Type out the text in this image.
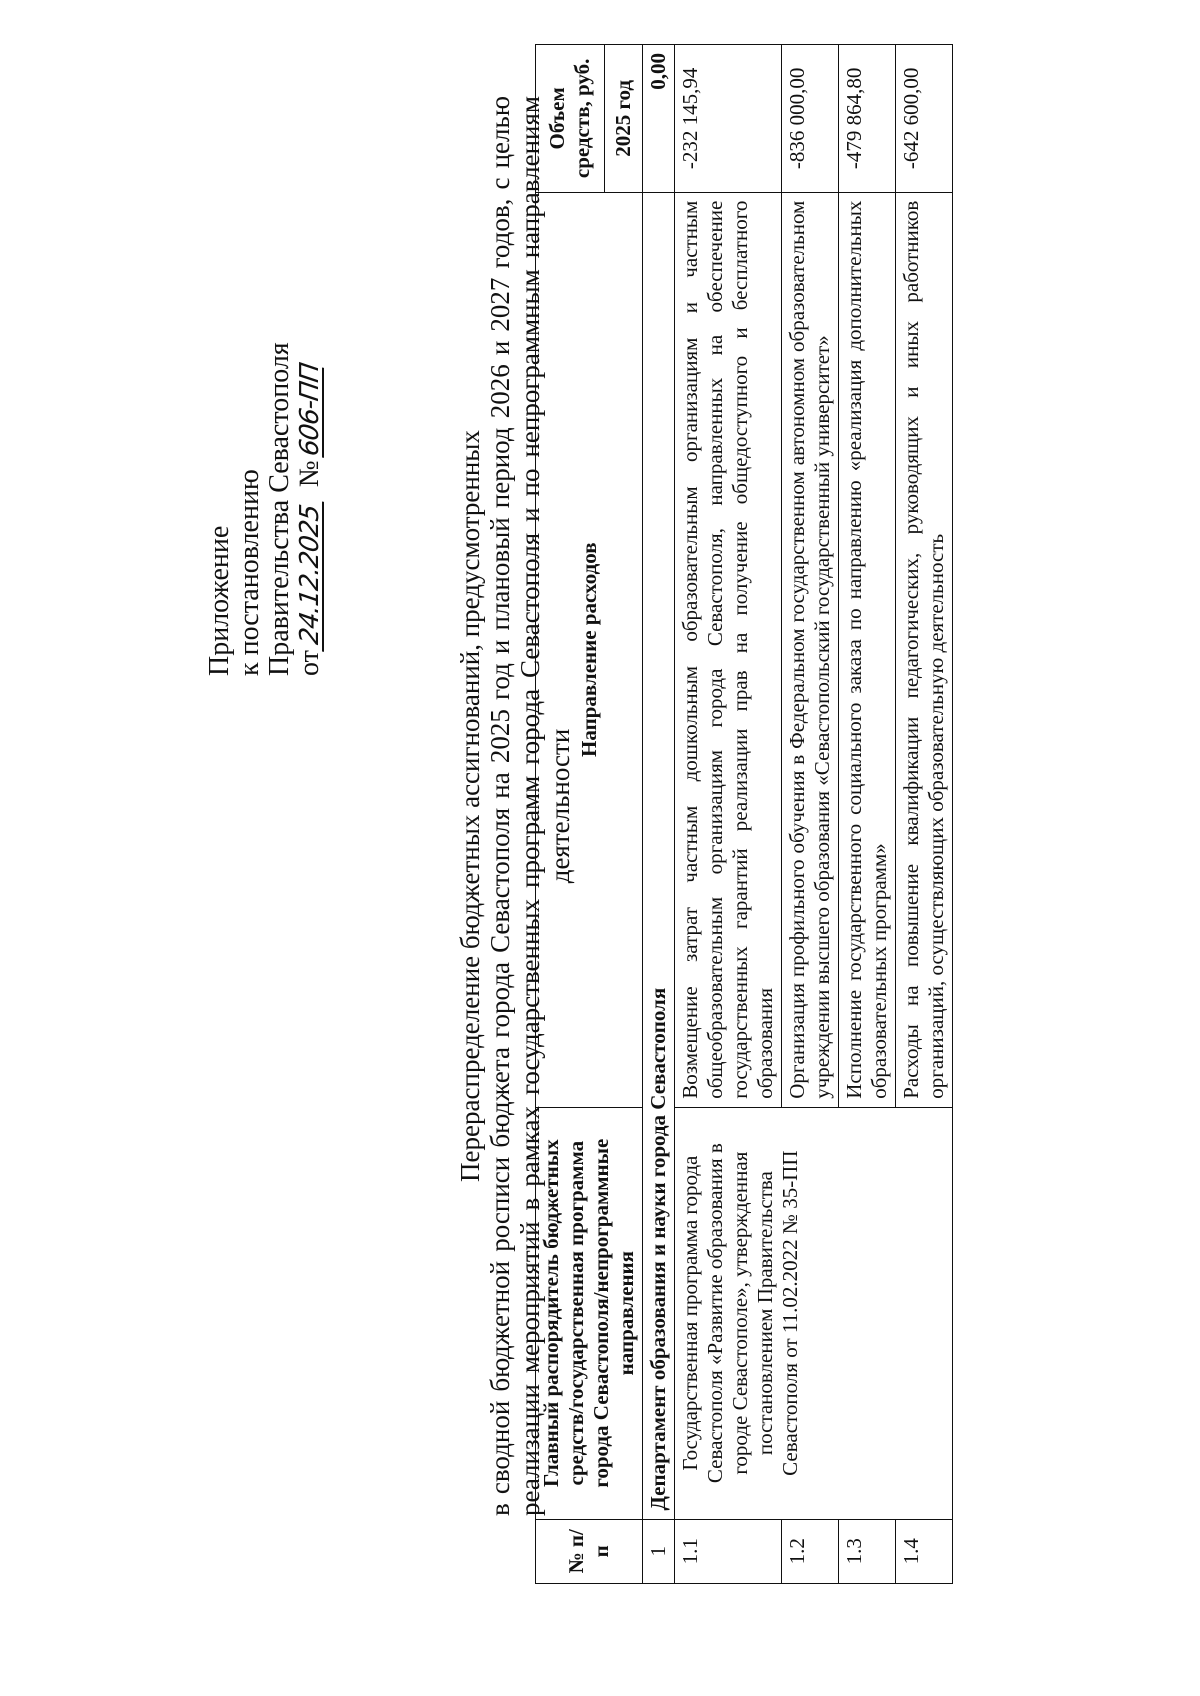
Приложение к постановлению Правительства Севастополя от24.12.2025 №606-ПП
Перераспределение бюджетных ассигнований, предусмотренных в сводной бюджетной росписи бюджета города Севастополя на 2025 год и плановый период 2026 и 2027 годов, с целью реализации мероприятий в рамках государственных программ города Севастополя и по непрограммным направлениям деятельности
№ п/п	Главный распорядитель бюджетных средств/государственная программа города Севастополя/непрограммные направления	Направление расходов	Объем средств, руб.
			2025 год
1	Департамент образования и науки города Севастополя		0,00
1.1	Государственная программа города Севастополя «Развитие образования в городе Севастополе», утвержденная постановлением Правительства Севастополя от 11.02.2022 № 35-ПП	Возмещение затрат частным дошкольным образовательным организациям и частным общеобразовательным организациям города Севастополя, направленных на обеспечение государственных гарантий реализации прав на получение общедоступного и бесплатного образования	-232 145,94
1.2		Организация профильного обучения в Федеральном государственном автономном образовательном учреждении высшего образования «Севастопольский государственный университет»	-836 000,00
1.3		Исполнение государственного социального заказа по направлению «реализация дополнительных образовательных программ»	-479 864,80
1.4		Расходы на повышение квалификации педагогических, руководящих и иных работников организаций, осуществляющих образовательную деятельность	-642 600,00
